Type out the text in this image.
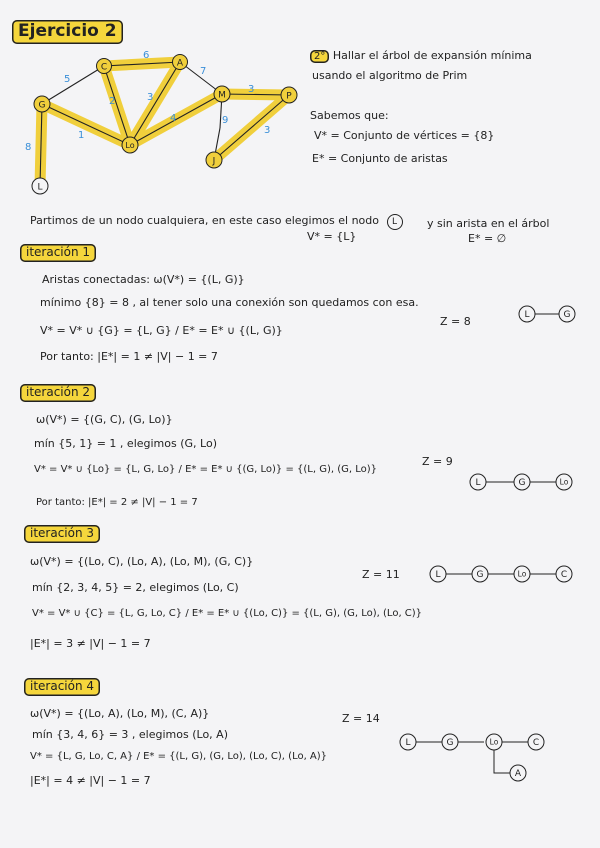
Ejercicio 2
5
6
7
3
8
1
2	3
4	9
3
C	A
G
M	P
Lo
J
L
2° Hallar el árbol de expansión mínima
usando el algoritmo de Prim
Sabemos que:
V* = Conjunto de vértices = {8}
E* = Conjunto de aristas
Partimos de un nodo cualquiera, en este caso elegimos el nodo L
V* = {L}
y sin arista en el árbol
E* = ∅
iteración 1
Aristas conectadas: ω(V*) = {(L, G)}
mínimo {8} = 8 , al tener solo una conexión son quedamos con esa.
V* = V* ∪ {G} = {L, G} / E* = E* ∪ {(L, G)}
Por tanto: |E*| = 1 ≠ |V| − 1 = 7
Z = 8	L	G
iteración 2
ω(V*) = {(G, C), (G, Lo)}
mín {5, 1} = 1 , elegimos (G, Lo)
V* = V* ∪ {Lo} = {L, G, Lo} / E* = E* ∪ {(G, Lo)} = {(L, G), (G, Lo)}
Por tanto: |E*| = 2 ≠ |V| − 1 = 7
Z = 9
L	G	Lo
iteración 3
ω(V*) = {(Lo, C), (Lo, A), (Lo, M), (G, C)}
mín {2, 3, 4, 5} = 2, elegimos (Lo, C)
V* = V* ∪ {C} = {L, G, Lo, C} / E* = E* ∪ {(Lo, C)} = {(L, G), (G, Lo), (Lo, C)}
|E*| = 3 ≠ |V| − 1 = 7
Z = 11	L	G	Lo	C
iteración 4
ω(V*) = {(Lo, A), (Lo, M), (C, A)}
mín {3, 4, 6} = 3 , elegimos (Lo, A)
V* = {L, G, Lo, C, A} / E* = {(L, G), (G, Lo), (Lo, C), (Lo, A)}
|E*| = 4 ≠ |V| − 1 = 7
Z = 14
L	G	Lo	C
A
